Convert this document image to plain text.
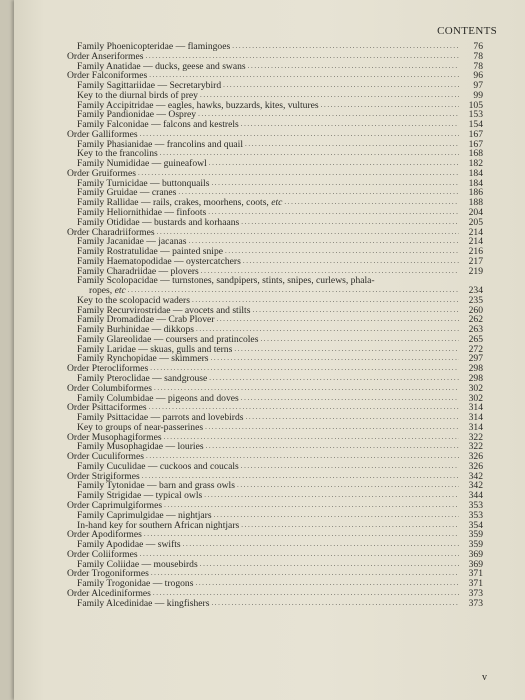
CONTENTS
Family Phoenicopteridae — flamingoes .....	76
Order Anseriformes .....	78
Family Anatidae — ducks, geese and swans .....	78
Order Falconiformes .....	96
Family Sagittariidae — Secretarybird .....	97
Key to the diurnal birds of prey .....	99
Family Accipitridae — eagles, hawks, buzzards, kites, vultures .....	105
Family Pandionidae — Osprey .....	153
Family Falconidae — falcons and kestrels .....	154
Order Galliformes .....	167
Family Phasianidae — francolins and quail .....	167
Key to the francolins .....	168
Family Numididae — guineafowl .....	182
Order Gruiformes .....	184
Family Turnicidae — buttonquails .....	184
Family Gruidae — cranes .....	186
Family Rallidae — rails, crakes, moorhens, coots, etc .....	188
Family Heliornithidae — finfoots .....	204
Family Otididae — bustards and korhaans .....	205
Order Charadriiformes .....	214
Family Jacanidae — jacanas .....	214
Family Rostratulidae — painted snipe .....	216
Family Haematopodidae — oystercatchers .....	217
Family Charadriidae — plovers .....	219
Family Scolopacidae — turnstones, sandpipers, stints, snipes, curlews, phala-
ropes, etc .....	234
Key to the scolopacid waders .....	235
Family Recurvirostridae — avocets and stilts .....	260
Family Dromadidae — Crab Plover .....	262
Family Burhinidae — dikkops .....	263
Family Glareolidae — coursers and pratincoles .....	265
Family Laridae — skuas, gulls and terns .....	272
Family Rynchopidae — skimmers .....	297
Order Pterocliformes .....	298
Family Pteroclidae — sandgrouse .....	298
Order Columbiformes .....	302
Family Columbidae — pigeons and doves .....	302
Order Psittaciformes .....	314
Family Psittacidae — parrots and lovebirds .....	314
Key to groups of near-passerines .....	314
Order Musophagiformes .....	322
Family Musophagidae — louries .....	322
Order Cuculiformes .....	326
Family Cuculidae — cuckoos and coucals .....	326
Order Strigiformes .....	342
Family Tytonidae — barn and grass owls .....	342
Family Strigidae — typical owls .....	344
Order Caprimulgiformes .....	353
Family Caprimulgidae — nightjars .....	353
In-hand key for southern African nightjars .....	354
Order Apodiformes .....	359
Family Apodidae — swifts .....	359
Order Coliiformes .....	369
Family Coliidae — mousebirds .....	369
Order Trogoniformes .....	371
Family Trogonidae — trogons .....	371
Order Alcediniformes .....	373
Family Alcedinidae — kingfishers .....	373
v
